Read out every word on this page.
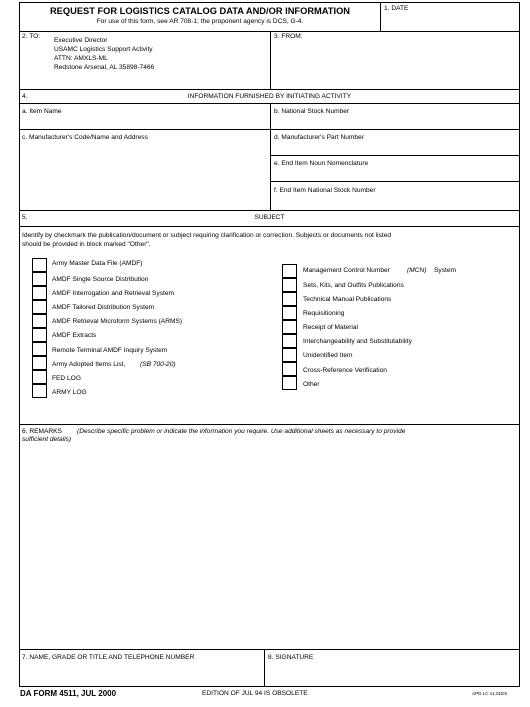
REQUEST FOR LOGISTICS CATALOG DATA AND/OR INFORMATION
For use of this form, see AR 708-1; the proponent agency is DCS, G-4.
1. DATE
2. TO:
Executive Director
USAMC Logistics Support Activity
ATTN: AMXLS-ML
Redstone Arsenal, AL 35898-7466
3. FROM:
4.	INFORMATION FURNISHED BY INITIATING ACTIVITY
a. Item Name	b. National Stock Number
c. Manufacturer's Code/Name and Address	d. Manufacturer's Part Number
e. End Item Noun Nomenclature
f. End Item National Stock Number
5.	SUBJECT
Identify by checkmark the publication/document or subject requiring clarification or correction. Subjects or documents not listed
should be provided in block marked "Other".
Army Master Data File (AMDF)
AMDF Single Source Distribution
AMDF Interrogation and Retrieval System
AMDF Tailored Distribution System
AMDF Retrieval Microform Systems (ARMS)
AMDF Extracts
Remote Terminal AMDF Inquiry System
Army Adopted Items List, (SB 700-20)
FED LOG
ARMY LOG
Management Control Number	(MCN) System
Sets, Kits, and Outfits Publications
Technical Manual Publications
Requisitioning
Receipt of Material
Interchangeability and Substitutability
Unidentified Item
Cross-Reference Verification
Other
6. REMARKS (Describe specific problem or indicate the information you require. Use additional sheets as necessary to provide
sufficient details)
7. NAME, GRADE OR TITLE AND TELEPHONE NUMBER	8. SIGNATURE
DA FORM 4511, JUL 2000	EDITION OF JUL 94 IS OBSOLETE	APD LC v1.01ES
